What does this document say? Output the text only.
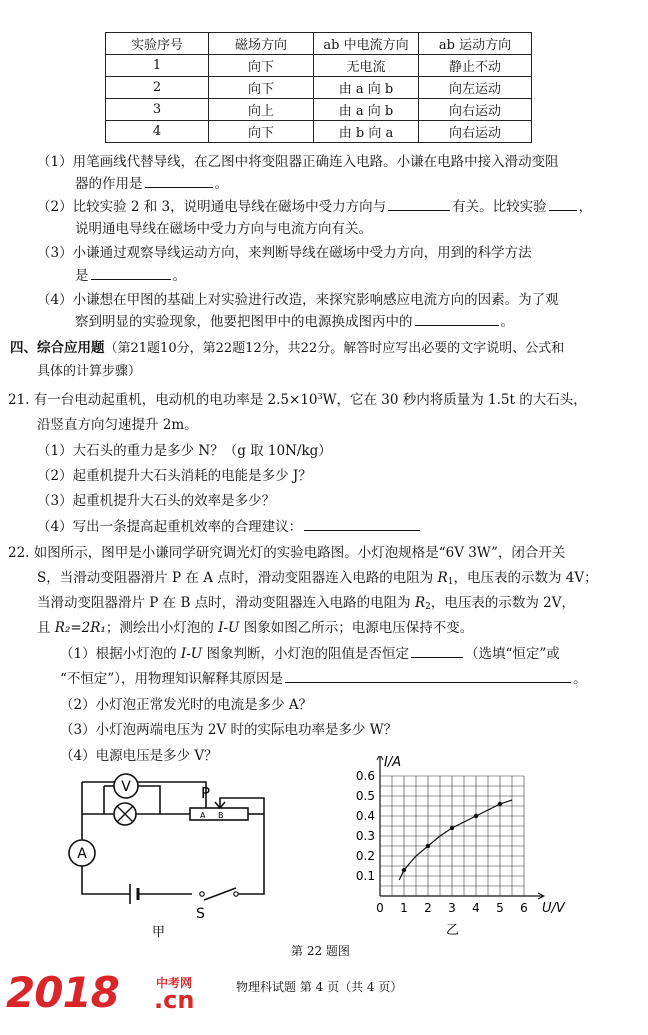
实验序号	磁场方向	ab 中电流方向	ab 运动方向
1	向下	无电流	静止不动
2	向下	由 a 向 b	向左运动
3	向上	由 a 向 b	向右运动
4	向下	由 b 向 a	向右运动
（1）用笔画线代替导线，在乙图中将变阻器正确连入电路。小谦在电路中接入滑动变阻
器的作用是	。
（2）比较实验 2 和 3，说明通电导线在磁场中受力方向与	有关。比较实验 ，
说明通电导线在磁场中受力方向与电流方向有关。
（3）小谦通过观察导线运动方向，来判断导线在磁场中受力方向，用到的科学方法
是	。
（4）小谦想在甲图的基础上对实验进行改造，来探究影响感应电流方向的因素。为了观
察到明显的实验现象，他要把图甲中的电源换成图丙中的	。
四、综合应用题（第21题10分，第22题12分，共22分。解答时应写出必要的文字说明、公式和
具体的计算步骤）
21. 有一台电动起重机，电动机的电功率是 $2.5\times 10^3W$，它在 30 秒内将质量为 1.5t 的大石头，
沿竖直方向匀速提升 2m。
（1）大石头的重力是多少 N？（g 取 10N/kg）
（2）起重机提升大石头消耗的电能是多少 J？
（3）起重机提升大石头的效率是多少？
（4）写出一条提高起重机效率的合理建议：
22. 如图所示，图甲是小谦同学研究调光灯的实验电路图。小灯泡规格是“6V 3W”，闭合开关
S，当滑动变阻器滑片 P 在 A 点时，滑动变阻器连入电路的电阻为 $R_1$，电压表的示数为 4V；
当滑动变阻器滑片 P 在 B 点时，滑动变阻器连入电路的电阻为 $R_2$，电压表的示数为 2V，
且 R₂=2R₁；测绘出小灯泡的 I-U 图象如图乙所示；电源电压保持不变。
（1）根据小灯泡的 I-U 图象判断，小灯泡的阻值是否恒定	（选填“恒定”或
“不恒定”），用物理知识解释其原因是	。
（2）小灯泡正常发光时的电流是多少 A？
（3）小灯泡两端电压为 2V 时的实际电功率是多少 W？
（4）电源电压是多少 V？
V
A
P
A B
S
甲
0 1 2 3 4 5 6
0.1
0.2
0.3
0.4
0.5
0.6
I/A
U/V
乙
第 22 题图
2018	中考网
.cn	物理科试题 第 4 页（共 4 页）
